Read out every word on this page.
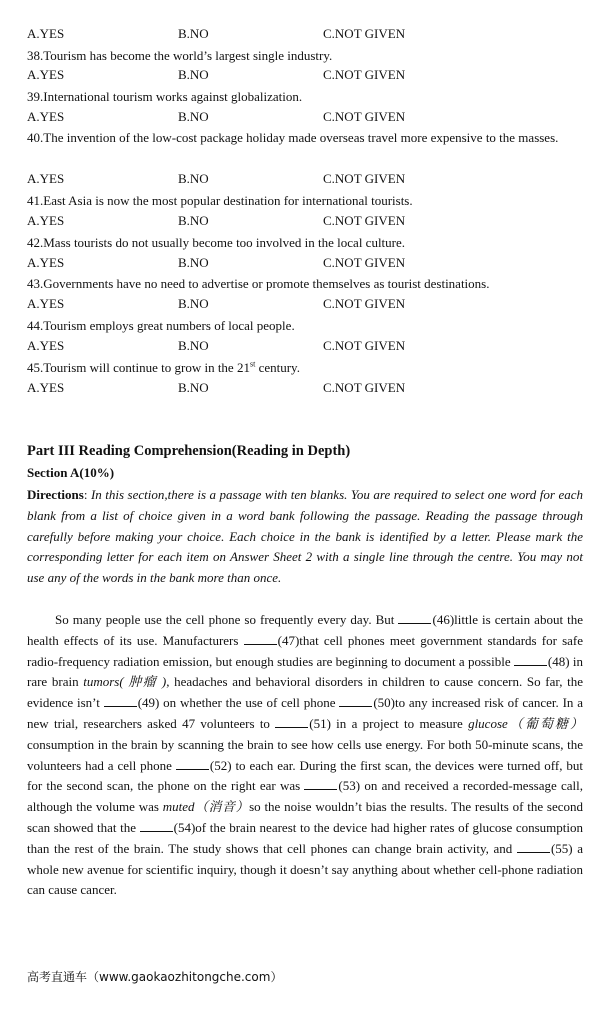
A.YES	B.NO	C.NOT GIVEN
38.Tourism has become the world’s largest single industry.
A.YES	B.NO	C.NOT GIVEN
39.International tourism works against globalization.
A.YES	B.NO	C.NOT GIVEN
40.The invention of the low-cost package holiday made overseas travel more expensive to the masses.
A.YES	B.NO	C.NOT GIVEN
41.East Asia is now the most popular destination for international tourists.
A.YES	B.NO	C.NOT GIVEN
42.Mass tourists do not usually become too involved in the local culture.
A.YES	B.NO	C.NOT GIVEN
43.Governments have no need to advertise or promote themselves as tourist destinations.
A.YES	B.NO	C.NOT GIVEN
44.Tourism employs great numbers of local people.
A.YES	B.NO	C.NOT GIVEN
45.Tourism will continue to grow in the 21st century.
A.YES	B.NO	C.NOT GIVEN
Part III Reading Comprehension(Reading in Depth)
Section A(10%)
Directions: In this section,there is a passage with ten blanks. You are required to select one word for each blank from a list of choice given in a word bank following the passage. Reading the passage through carefully before making your choice. Each choice in the bank is identified by a letter. Please mark the corresponding letter for each item on Answer Sheet 2 with a single line through the centre. You may not use any of the words in the bank more than once.
So many people use the cell phone so frequently every day. But	(46)little is certain about the health effects of its use. Manufacturers	(47)that cell phones meet government standards for safe radio-frequency radiation emission, but enough studies are beginning to document a possible	(48) in rare brain tumors( 肿瘤 ), headaches and behavioral disorders in children to cause concern. So far, the evidence isn’t	(49) on whether the use of cell phone	(50)to any increased risk of cancer. In a new trial, researchers asked 47 volunteers to	(51) in a project to measure glucose（葡萄糖）consumption in the brain by scanning the brain to see how cells use energy. For both 50-minute scans, the volunteers had a cell phone	(52) to each ear. During the first scan, the devices were turned off, but for the second scan, the phone on the right ear was	(53) on and received a recorded-message call, although the volume was muted（消音）so the noise wouldn’t bias the results. The results of the second scan showed that the	(54)of the brain nearest to the device had higher rates of glucose consumption than the rest of the brain. The study shows that cell phones can change brain activity, and	(55) a whole new avenue for scientific inquiry, though it doesn’t say anything about whether cell-phone radiation can cause cancer.
高考直通车（www.gaokaozhitongche.com）
